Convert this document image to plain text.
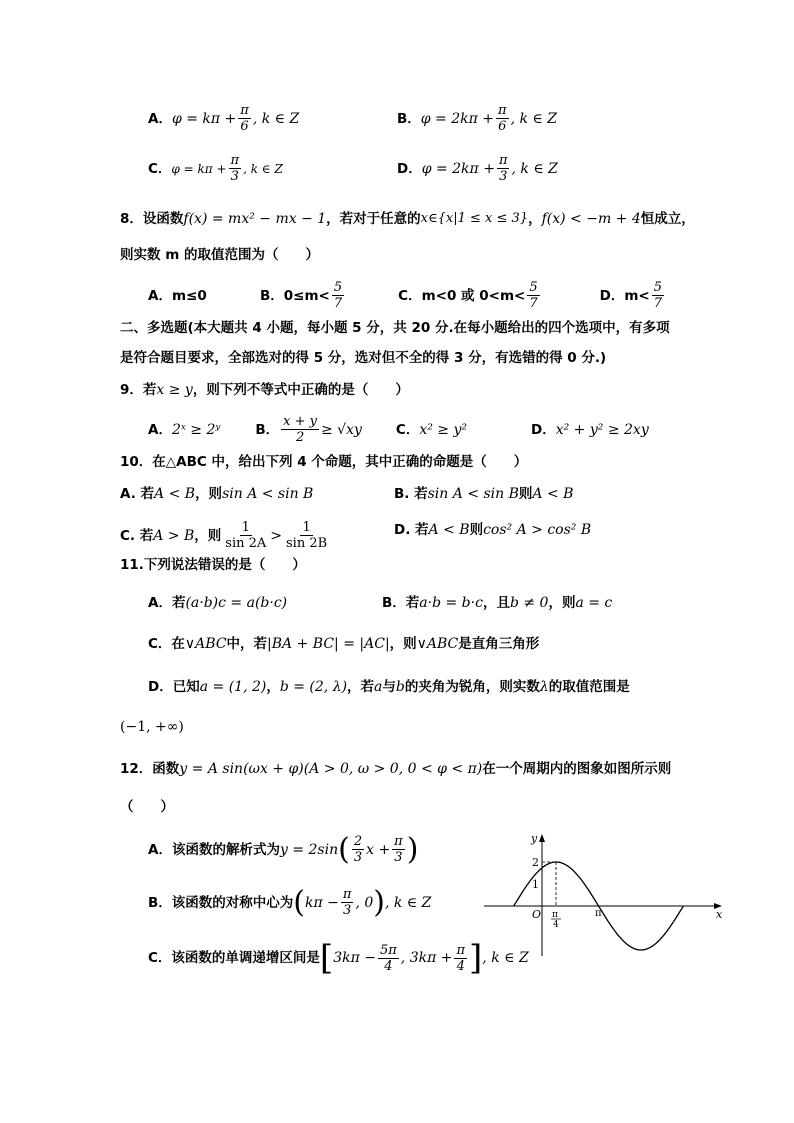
A． $\varphi = k\pi + \frac{\pi}{6}$ , k ∈ Z	B． $\varphi = 2k\pi + \frac{\pi}{6}$ , k ∈ Z
C． $\varphi = k\pi + \frac{\pi}{3}$ , k ∈ Z	D． $\varphi = 2k\pi + \frac{\pi}{3}$ , k ∈ Z
8．设函数 f(x) = mx² − mx − 1 ，若对于任意的 x∈{x|1 ≤ x ≤ 3} ， f(x) < −m + 4 恒成立，
则实数 m 的取值范围为（　　）
A．m≤0	B．$0\le m< \frac{5}{7}$	C．m<0 或 $0<m< \frac{5}{7}$	D．$m< \frac{5}{7}$
二、多选题(本大题共 4 小题，每小题 5 分，共 20 分.在每小题给出的四个选项中，有多项
是符合题目要求，全部选对的得 5 分，选对但不全的得 3 分，有选错的得 0 分.)
9．若 x ≥ y ，则下列不等式中正确的是（　　）
A． 2ˣ ≥ 2ʸ	B． $\frac{x + y}{2} \ge √xy$	C． x² ≥ y²	D． x² + y² ≥ 2xy
10．在△ABC 中，给出下列 4 个命题，其中正确的命题是（　　）
A. 若 A < B ，则 sin A < sin B	B. 若 sin A < sin B 则 A < B
C. 若 A > B ，则 $\frac{1}{\sin 2A} > \frac{1}{\sin 2B}$	D. 若 A < B 则 cos² A > cos² B
11.下列说法错误的是（　　）
A．若 (a·b)c = a(b·c)	B．若 a·b = b·c ，且 b ≠ 0 ，则 a = c
C．在 ∨ABC 中，若 |BA + BC| = |AC| ，则 ∨ABC 是直角三角形
D．已知 a = (1, 2) ， b = (2, λ) ，若 a 与 b 的夹角为锐角，则实数 λ 的取值范围是
(−1, +∞)
12．函数 y = A sin(ωx + φ)(A > 0, ω > 0, 0 < φ < π) 在一个周期内的图象如图所示则
（　　）
A．该函数的解析式为 y = 2sin ( $\frac{2}{3}$ $x + \frac{\pi}{3}$ )
B．该函数的对称中心为 ( $k\pi - \frac{\pi}{3}$ , 0 ) , k ∈ Z
C．该函数的单调递增区间是 [ $3k\pi - \frac{5\pi}{4}$ , $3k\pi + \frac{\pi}{4}$ ] , k ∈ Z
y
x
O
2
1
π
4
π
